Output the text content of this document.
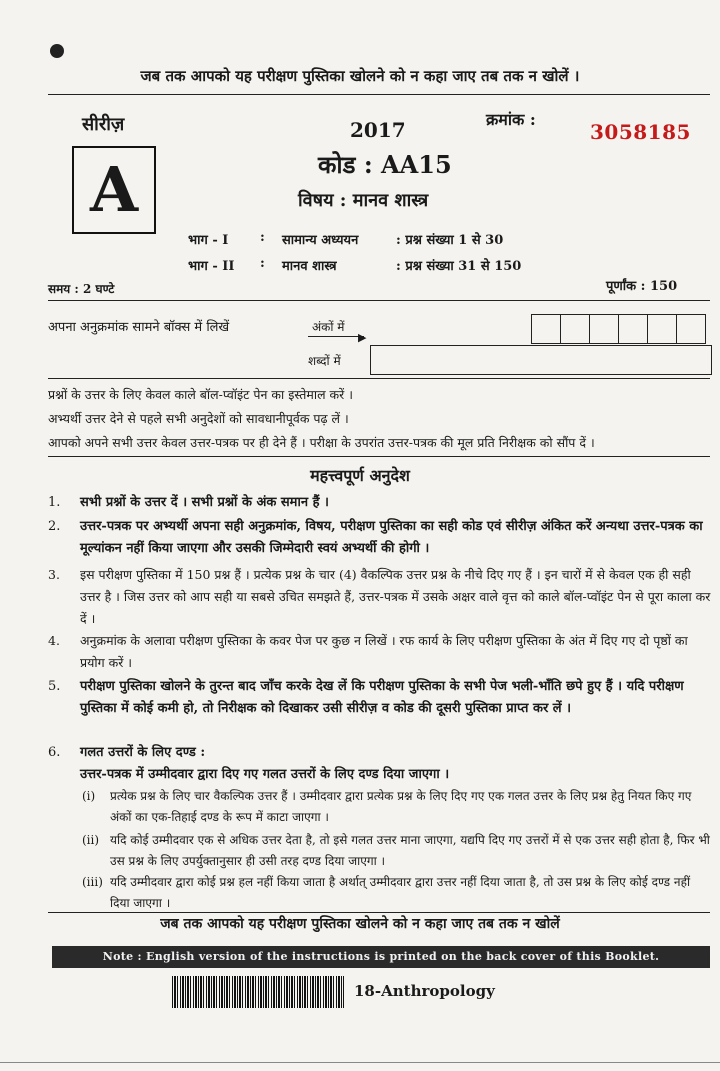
जब तक आपको यह परीक्षण पुस्तिका खोलने को न कहा जाए तब तक न खोलें ।
सीरीज़
A
2017	क्रमांक :
3058185
कोड : AA15
विषय : मानव शास्त्र
भाग - I : सामान्य अध्ययन	: प्रश्न संख्या 1 से 30
भाग - II : मानव शास्त्र	: प्रश्न संख्या 31 से 150
समय : 2 घण्टे	पूर्णांक : 150
अपना अनुक्रमांक सामने बॉक्स में लिखें	अंकों में
▶
शब्दों में
प्रश्नों के उत्तर के लिए केवल काले बॉल-प्वॉइंट पेन का इस्तेमाल करें ।
अभ्यर्थी उत्तर देने से पहले सभी अनुदेशों को सावधानीपूर्वक पढ़ लें ।
आपको अपने सभी उत्तर केवल उत्तर-पत्रक पर ही देने हैं । परीक्षा के उपरांत उत्तर-पत्रक की मूल प्रति निरीक्षक को सौंप दें ।
महत्त्वपूर्ण अनुदेश
1. सभी प्रश्नों के उत्तर दें । सभी प्रश्नों के अंक समान हैं ।
2. उत्तर-पत्रक पर अभ्यर्थी अपना सही अनुक्रमांक, विषय, परीक्षण पुस्तिका का सही कोड एवं सीरीज़ अंकित करें अन्यथा उत्तर-पत्रक का मूल्यांकन नहीं किया जाएगा और उसकी जिम्मेदारी स्वयं अभ्यर्थी की होगी ।
3. इस परीक्षण पुस्तिका में 150 प्रश्न हैं । प्रत्येक प्रश्न के चार (4) वैकल्पिक उत्तर प्रश्न के नीचे दिए गए हैं । इन चारों में से केवल एक ही सही उत्तर है । जिस उत्तर को आप सही या सबसे उचित समझते हैं, उत्तर-पत्रक में उसके अक्षर वाले वृत्त को काले बॉल-प्वॉइंट पेन से पूरा काला कर दें ।
4. अनुक्रमांक के अलावा परीक्षण पुस्तिका के कवर पेज पर कुछ न लिखें । रफ कार्य के लिए परीक्षण पुस्तिका के अंत में दिए गए दो पृष्ठों का प्रयोग करें ।
5. परीक्षण पुस्तिका खोलने के तुरन्त बाद जाँच करके देख लें कि परीक्षण पुस्तिका के सभी पेज भली-भाँति छपे हुए हैं । यदि परीक्षण पुस्तिका में कोई कमी हो, तो निरीक्षक को दिखाकर उसी सीरीज़ व कोड की दूसरी पुस्तिका प्राप्त कर लें ।
6. गलत उत्तरों के लिए दण्ड :
उत्तर-पत्रक में उम्मीदवार द्वारा दिए गए गलत उत्तरों के लिए दण्ड दिया जाएगा ।
(i) प्रत्येक प्रश्न के लिए चार वैकल्पिक उत्तर हैं । उम्मीदवार द्वारा प्रत्येक प्रश्न के लिए दिए गए एक गलत उत्तर के लिए प्रश्न हेतु नियत किए गए अंकों का एक-तिहाई दण्ड के रूप में काटा जाएगा ।
(ii) यदि कोई उम्मीदवार एक से अधिक उत्तर देता है, तो इसे गलत उत्तर माना जाएगा, यद्यपि दिए गए उत्तरों में से एक उत्तर सही होता है, फिर भी उस प्रश्न के लिए उपर्युक्तानुसार ही उसी तरह दण्ड दिया जाएगा ।
(iii) यदि उम्मीदवार द्वारा कोई प्रश्न हल नहीं किया जाता है अर्थात् उम्मीदवार द्वारा उत्तर नहीं दिया जाता है, तो उस प्रश्न के लिए कोई दण्ड नहीं दिया जाएगा ।
जब तक आपको यह परीक्षण पुस्तिका खोलने को न कहा जाए तब तक न खोलें
Note : English version of the instructions is printed on the back cover of this Booklet.
18-Anthropology
